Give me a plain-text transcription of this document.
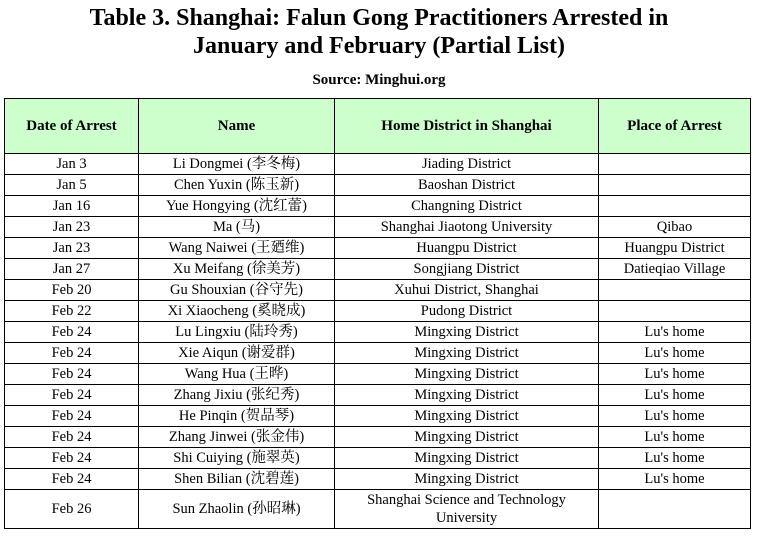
Table 3. Shanghai: Falun Gong Practitioners Arrested in
January and February (Partial List)
Source: Minghui.org
Date of Arrest	Name	Home District in Shanghai	Place of Arrest
Jan 3	Li Dongmei (李冬梅)	Jiading District	
Jan 5	Chen Yuxin (陈玉新)	Baoshan District	
Jan 16	Yue Hongying (沈红蕾)	Changning District	
Jan 23	Ma (马)	Shanghai Jiaotong University	Qibao
Jan 23	Wang Naiwei (王廼维)	Huangpu District	Huangpu District
Jan 27	Xu Meifang (徐美芳)	Songjiang District	Datieqiao Village
Feb 20	Gu Shouxian (谷守先)	Xuhui District, Shanghai	
Feb 22	Xi Xiaocheng (奚晓成)	Pudong District	
Feb 24	Lu Lingxiu (陆玲秀)	Mingxing District	Lu's home
Feb 24	Xie Aiqun (谢爱群)	Mingxing District	Lu's home
Feb 24	Wang Hua (王晔)	Mingxing District	Lu's home
Feb 24	Zhang Jixiu (张纪秀)	Mingxing District	Lu's home
Feb 24	He Pinqin (贺品琴)	Mingxing District	Lu's home
Feb 24	Zhang Jinwei (张金伟)	Mingxing District	Lu's home
Feb 24	Shi Cuiying (施翠英)	Mingxing District	Lu's home
Feb 24	Shen Bilian (沈碧莲)	Mingxing District	Lu's home
Feb 26	Sun Zhaolin (孙昭琳)	Shanghai Science and Technology University	
